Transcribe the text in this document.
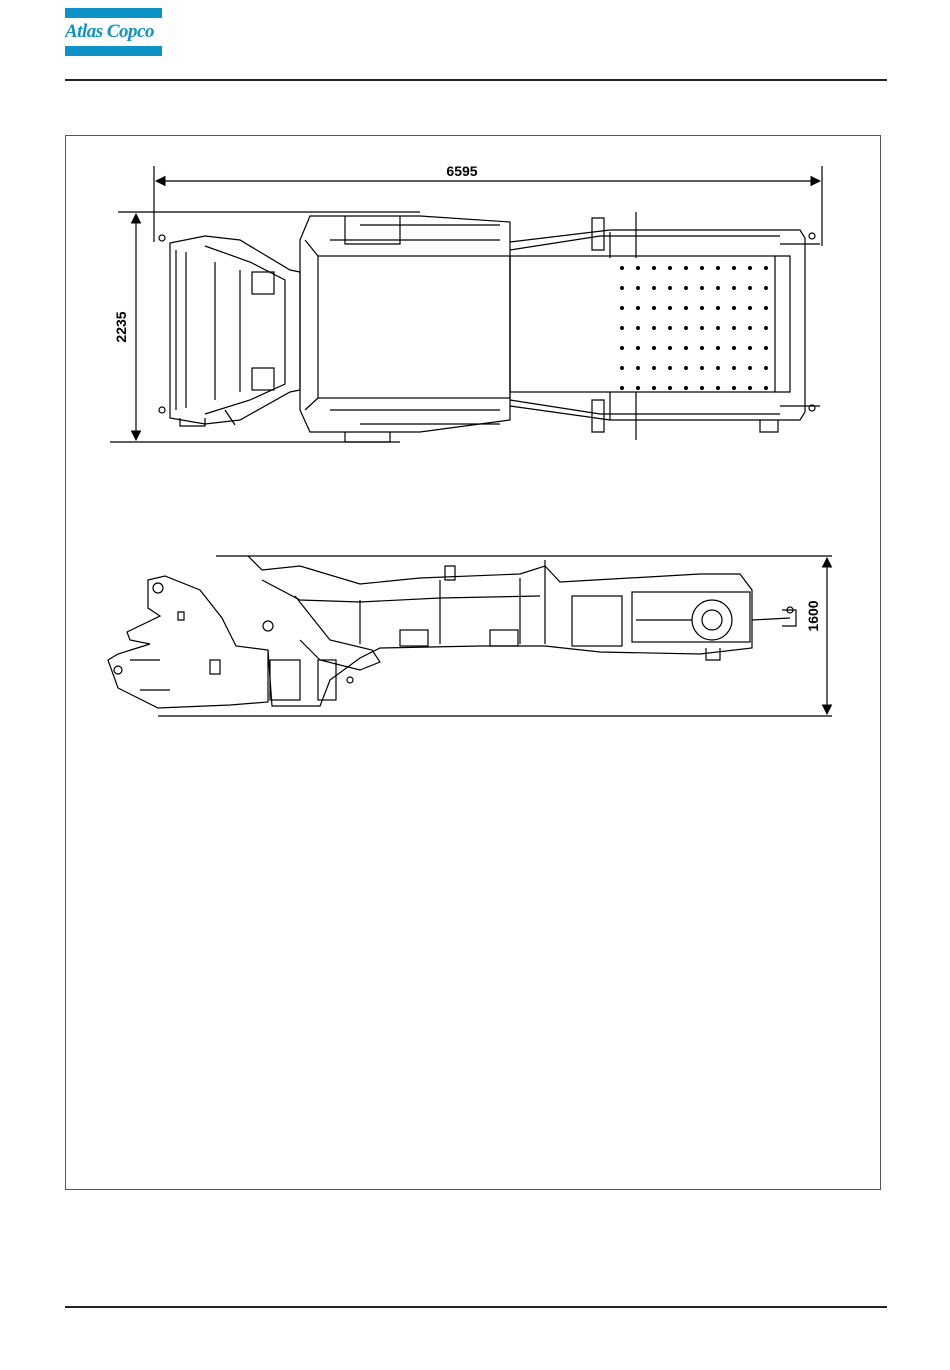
Atlas Copco
6595
2235
1600
